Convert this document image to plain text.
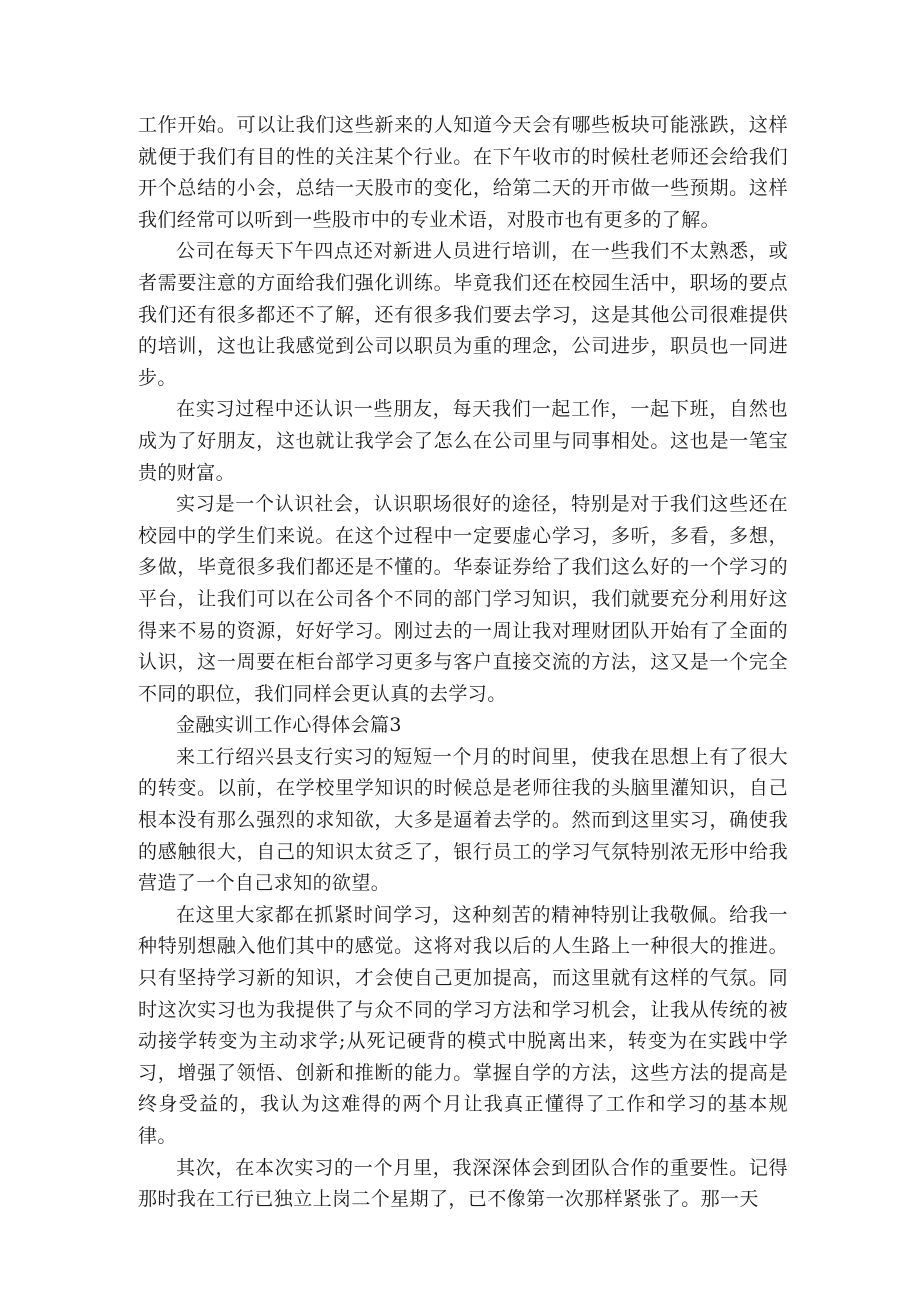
工作开始。可以让我们这些新来的人知道今天会有哪些板块可能涨跌，这样就便于我们有目的性的关注某个行业。在下午收市的时候杜老师还会给我们开个总结的小会，总结一天股市的变化，给第二天的开市做一些预期。这样我们经常可以听到一些股市中的专业术语，对股市也有更多的了解。

公司在每天下午四点还对新进人员进行培训，在一些我们不太熟悉，或者需要注意的方面给我们强化训练。毕竟我们还在校园生活中，职场的要点我们还有很多都还不了解，还有很多我们要去学习，这是其他公司很难提供的培训，这也让我感觉到公司以职员为重的理念，公司进步，职员也一同进步。

在实习过程中还认识一些朋友，每天我们一起工作，一起下班，自然也成为了好朋友，这也就让我学会了怎么在公司里与同事相处。这也是一笔宝贵的财富。

实习是一个认识社会，认识职场很好的途径，特别是对于我们这些还在校园中的学生们来说。在这个过程中一定要虚心学习，多听，多看，多想，多做，毕竟很多我们都还是不懂的。华泰证券给了我们这么好的一个学习的平台，让我们可以在公司各个不同的部门学习知识，我们就要充分利用好这得来不易的资源，好好学习。刚过去的一周让我对理财团队开始有了全面的认识，这一周要在柜台部学习更多与客户直接交流的方法，这又是一个完全不同的职位，我们同样会更认真的去学习。

金融实训工作心得体会篇3

来工行绍兴县支行实习的短短一个月的时间里，使我在思想上有了很大的转变。以前，在学校里学知识的时候总是老师往我的头脑里灌知识，自己根本没有那么强烈的求知欲，大多是逼着去学的。然而到这里实习，确使我的感触很大，自己的知识太贫乏了，银行员工的学习气氛特别浓无形中给我营造了一个自己求知的欲望。

在这里大家都在抓紧时间学习，这种刻苦的精神特别让我敬佩。给我一种特别想融入他们其中的感觉。这将对我以后的人生路上一种很大的推进。只有坚持学习新的知识，才会使自己更加提高，而这里就有这样的气氛。同时这次实习也为我提供了与众不同的学习方法和学习机会，让我从传统的被动接学转变为主动求学;从死记硬背的模式中脱离出来，转变为在实践中学习，增强了领悟、创新和推断的能力。掌握自学的方法，这些方法的提高是终身受益的，我认为这难得的两个月让我真正懂得了工作和学习的基本规律。

其次，在本次实习的一个月里，我深深体会到团队合作的重要性。记得那时我在工行已独立上岗二个星期了，已不像第一次那样紧张了。那一天
